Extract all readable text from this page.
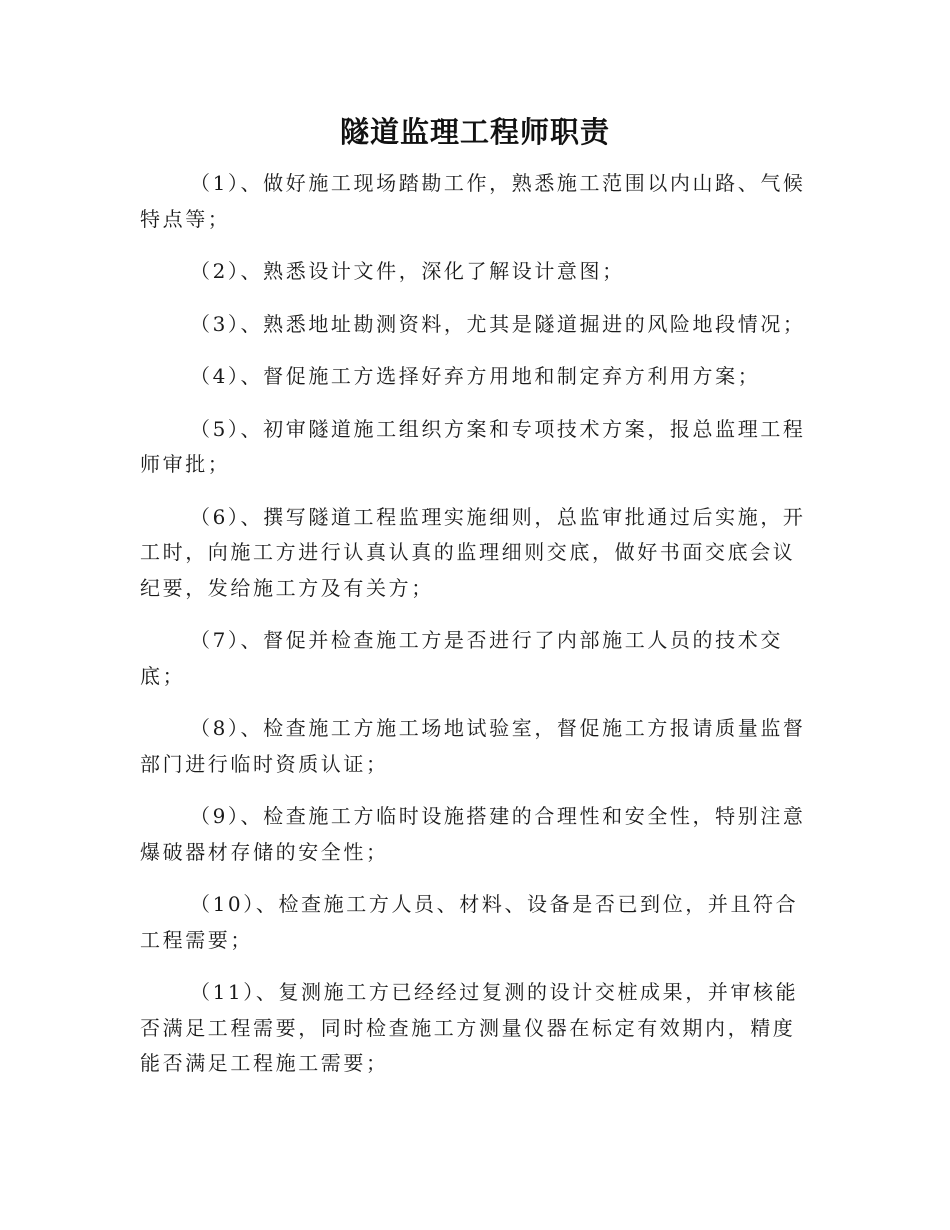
隧道监理工程师职责

（1）、做好施工现场踏勘工作，熟悉施工范围以内山路、气候特点等；

（2）、熟悉设计文件，深化了解设计意图；

（3）、熟悉地址勘测资料，尤其是隧道掘进的风险地段情况；

（4）、督促施工方选择好弃方用地和制定弃方利用方案；

（5）、初审隧道施工组织方案和专项技术方案，报总监理工程师审批；

（6）、撰写隧道工程监理实施细则，总监审批通过后实施，开工时，向施工方进行认真认真的监理细则交底，做好书面交底会议纪要，发给施工方及有关方；

（7）、督促并检查施工方是否进行了内部施工人员的技术交底；

（8）、检查施工方施工场地试验室，督促施工方报请质量监督部门进行临时资质认证；

（9）、检查施工方临时设施搭建的合理性和安全性，特别注意爆破器材存储的安全性；

（10）、检查施工方人员、材料、设备是否已到位，并且符合工程需要；

（11）、复测施工方已经经过复测的设计交桩成果，并审核能否满足工程需要，同时检查施工方测量仪器在标定有效期内，精度能否满足工程施工需要；
